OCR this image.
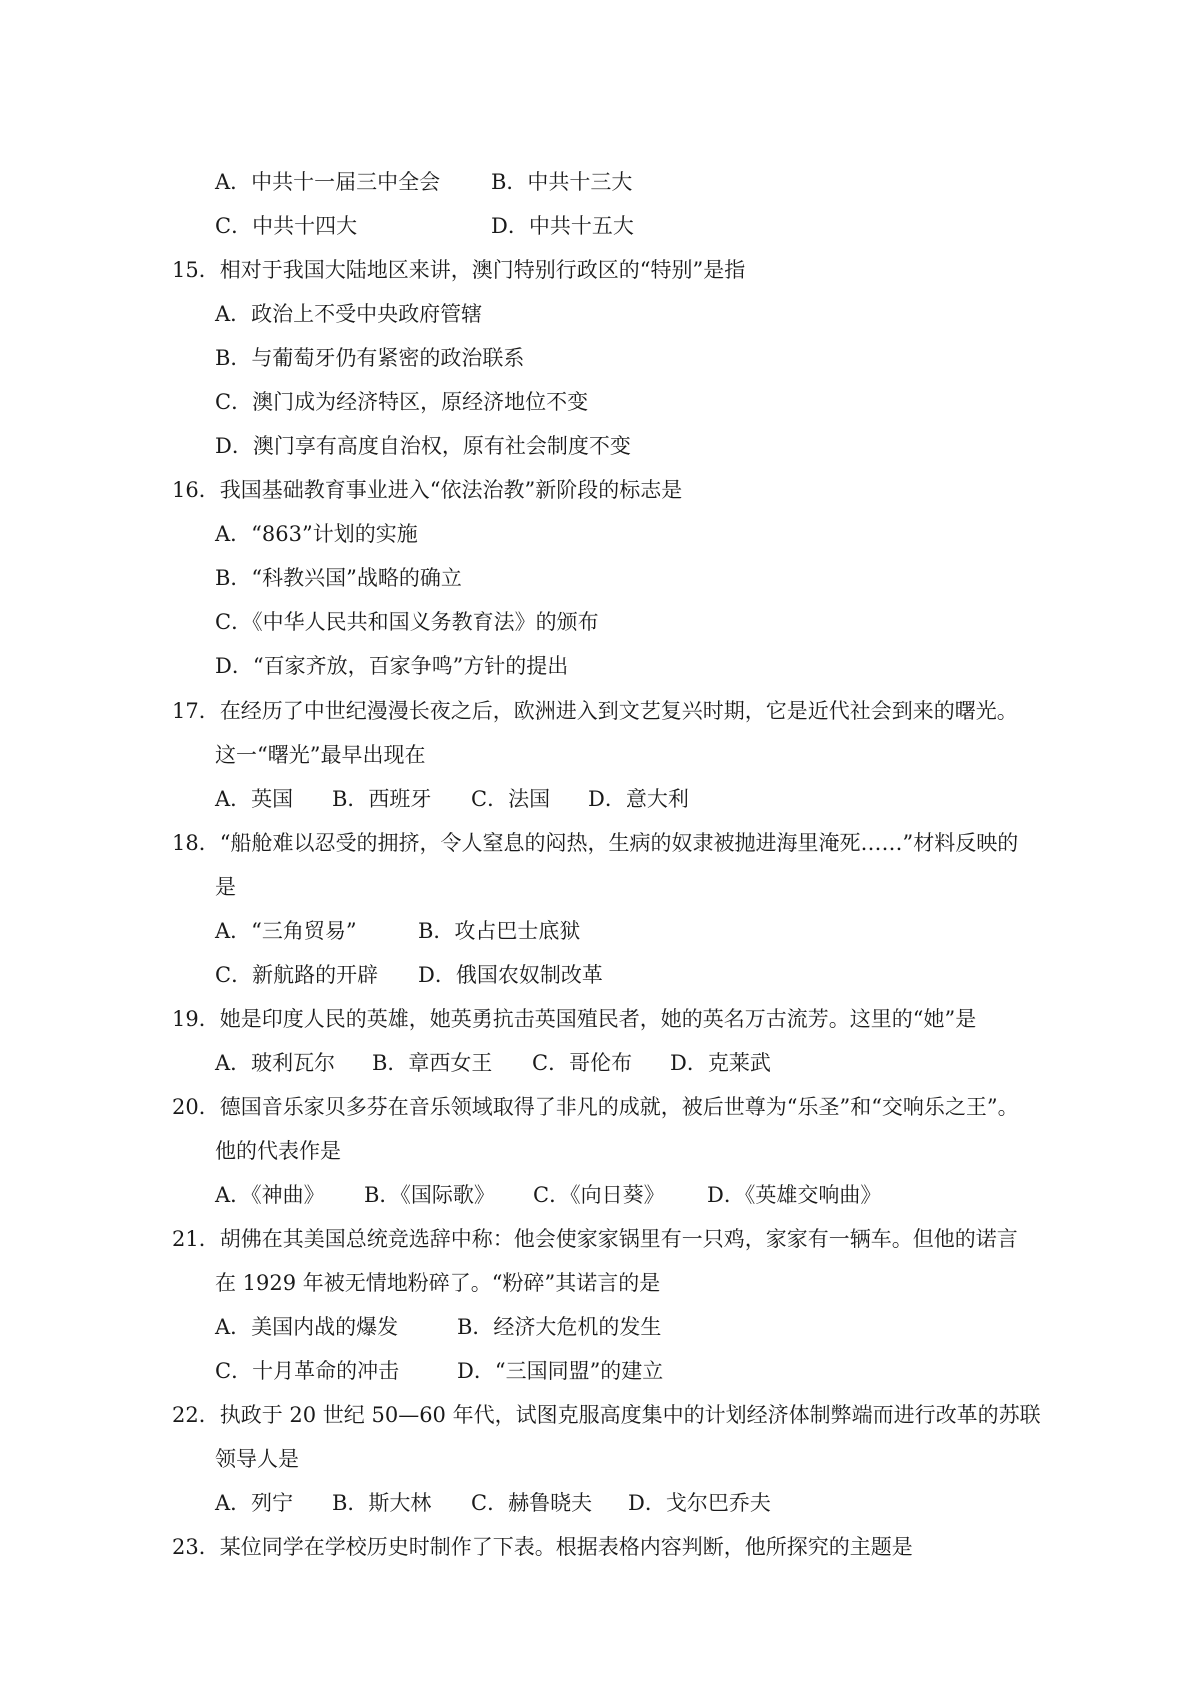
A．中共十一届三中全会 B．中共十三大
C．中共十四大	D．中共十五大
15．相对于我国大陆地区来讲，澳门特别行政区的“特别”是指
A．政治上不受中央政府管辖
B．与葡萄牙仍有紧密的政治联系
C．澳门成为经济特区，原经济地位不变
D．澳门享有高度自治权，原有社会制度不变
16．我国基础教育事业进入“依法治教”新阶段的标志是
A．“863”计划的实施
B．“科教兴国”战略的确立
C．《中华人民共和国义务教育法》的颁布
D．“百家齐放，百家争鸣”方针的提出
17．在经历了中世纪漫漫长夜之后，欧洲进入到文艺复兴时期，它是近代社会到来的曙光。
这一“曙光”最早出现在
A．英国 B．西班牙 C．法国 D．意大利
18．“船舱难以忍受的拥挤，令人窒息的闷热，生病的奴隶被抛进海里淹死……”材料反映的
是
A．“三角贸易”	B．攻占巴士底狱
C．新航路的开辟 D．俄国农奴制改革
19．她是印度人民的英雄，她英勇抗击英国殖民者，她的英名万古流芳。这里的“她”是
A．玻利瓦尔 B．章西女王 C．哥伦布 D．克莱武
20．德国音乐家贝多芬在音乐领域取得了非凡的成就，被后世尊为“乐圣”和“交响乐之王”。
他的代表作是
A．《神曲》 B．《国际歌》 C．《向日葵》 D．《英雄交响曲》
21．胡佛在其美国总统竞选辞中称：他会使家家锅里有一只鸡，家家有一辆车。但他的诺言
在 1929 年被无情地粉碎了。“粉碎”其诺言的是
A．美国内战的爆发	B．经济大危机的发生
C．十月革命的冲击	D．“三国同盟”的建立
22．执政于 20 世纪 50—60 年代，试图克服高度集中的计划经济体制弊端而进行改革的苏联
领导人是
A．列宁 B．斯大林 C．赫鲁晓夫 D．戈尔巴乔夫
23．某位同学在学校历史时制作了下表。根据表格内容判断，他所探究的主题是
